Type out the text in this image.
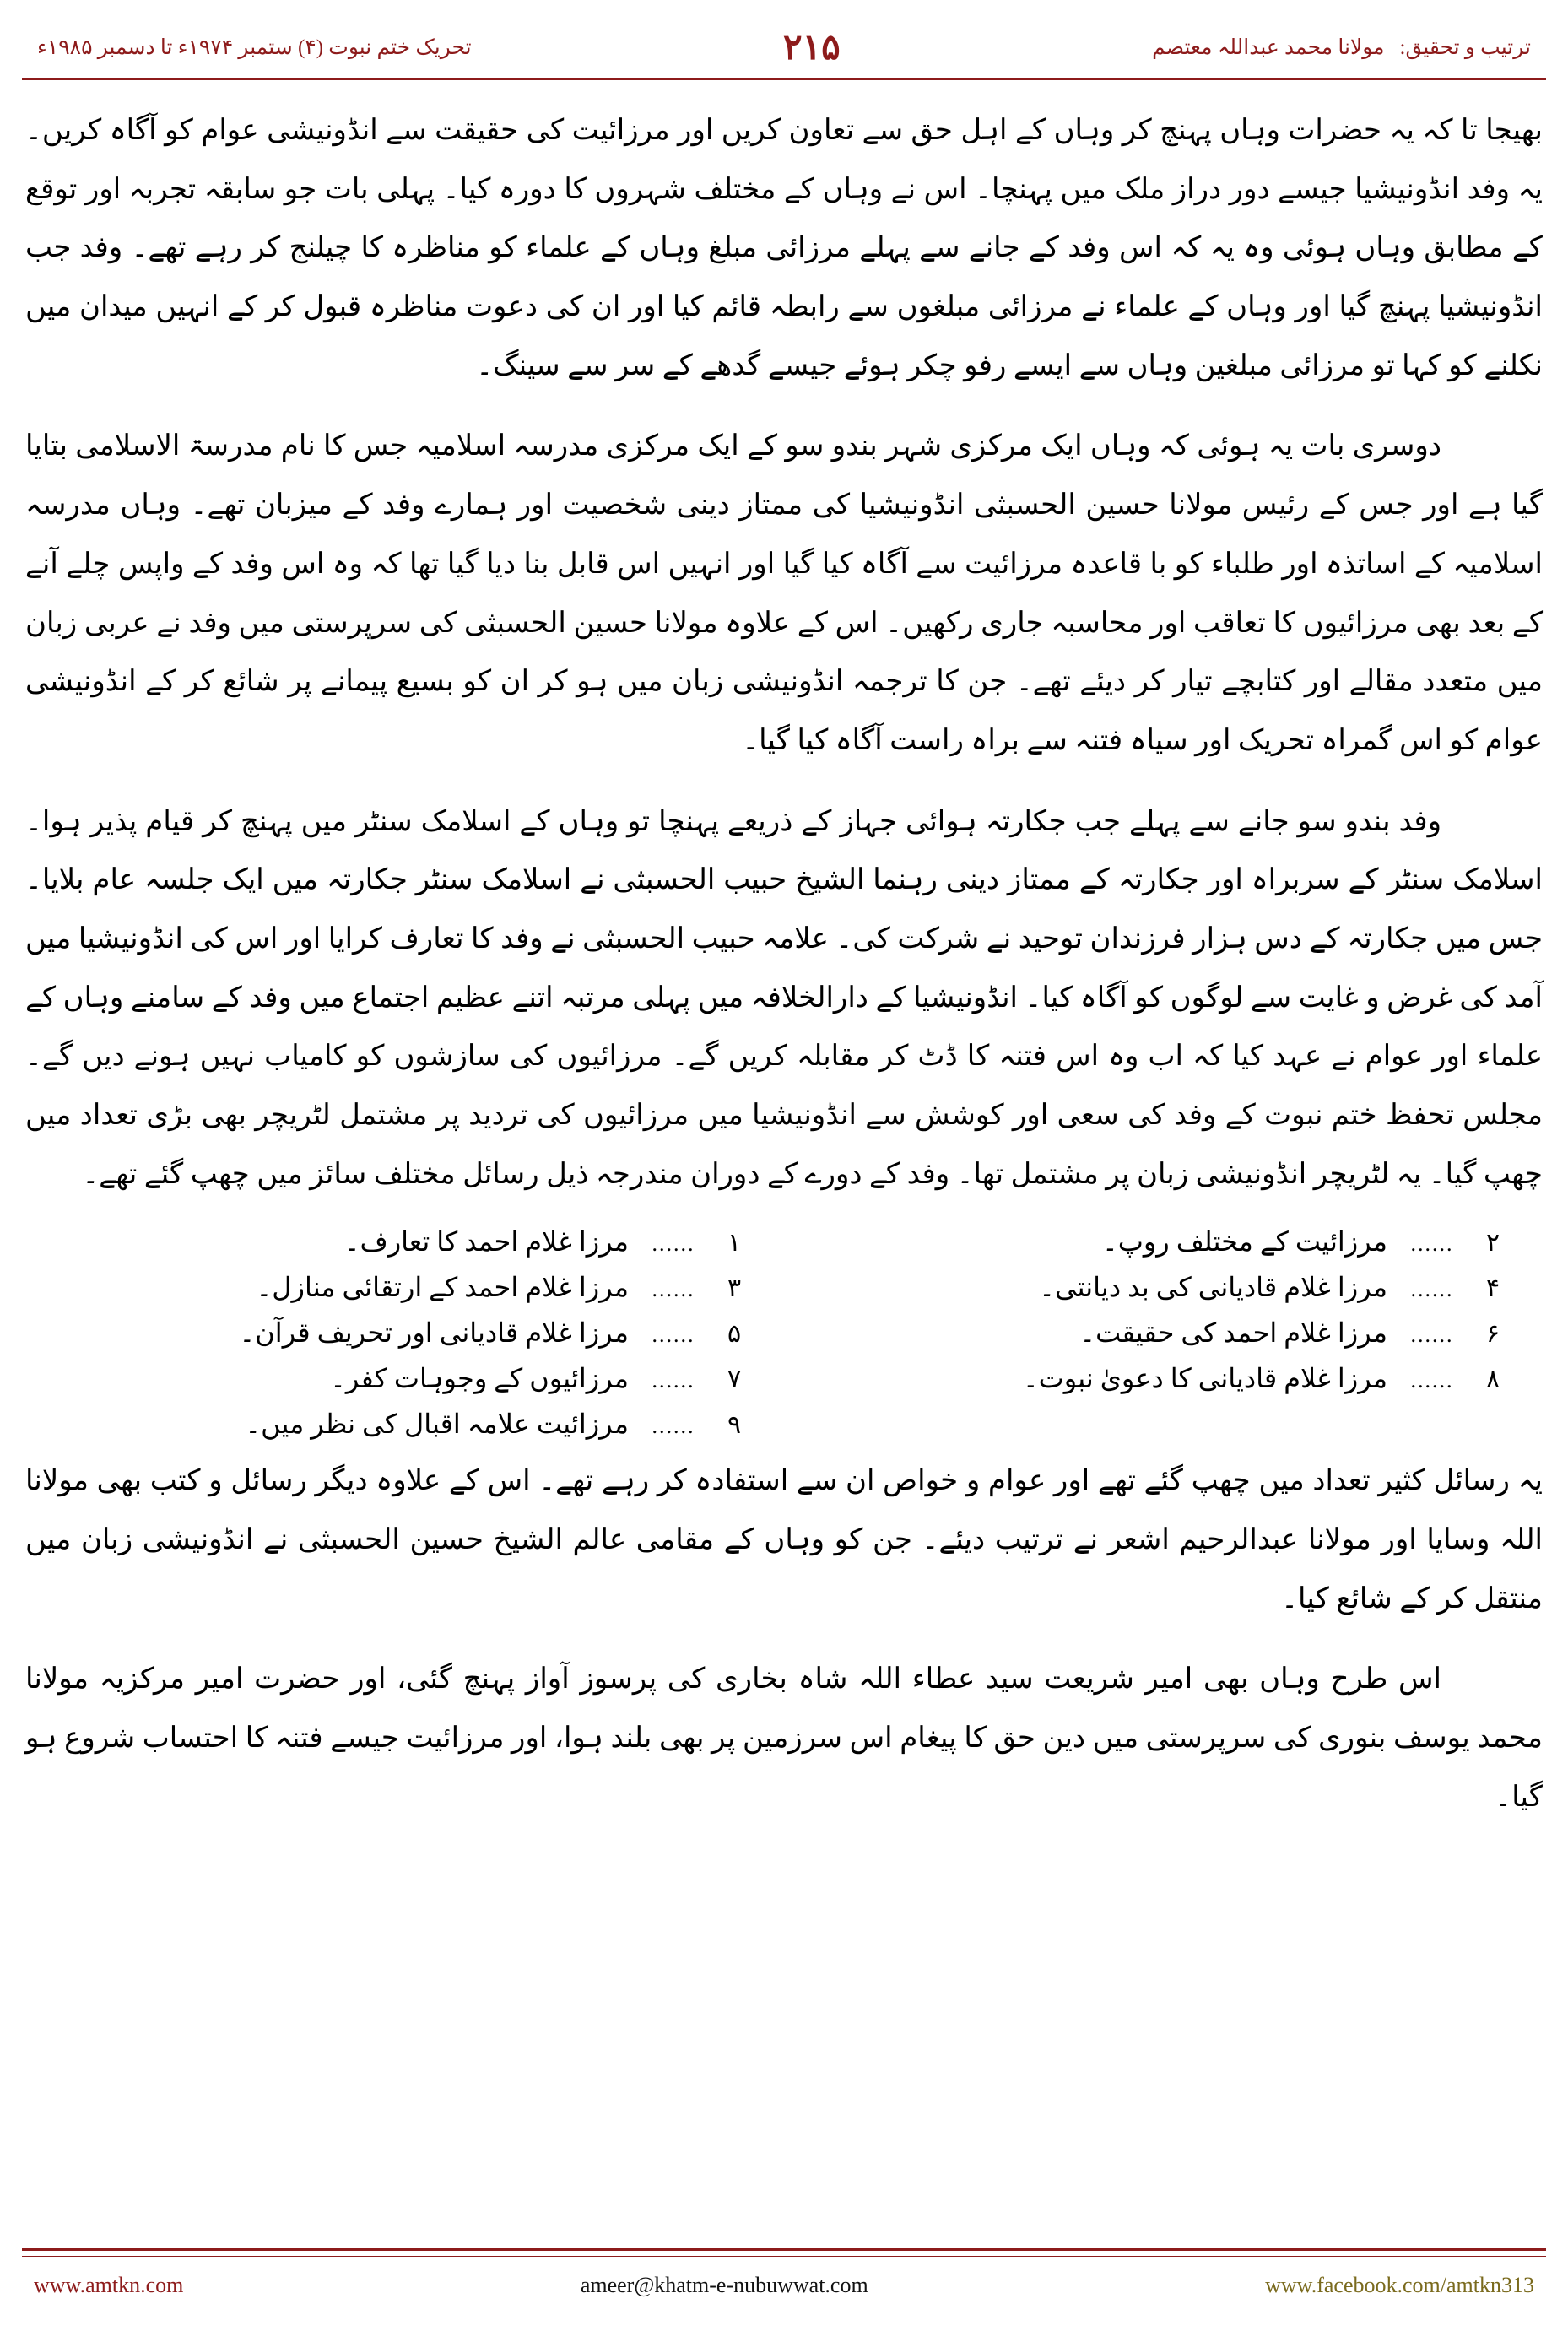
ترتیب و تحقیق:
مولانا محمد عبداللہ معتصم
۲۱۵
تحریک ختم نبوت (۴) ستمبر ۱۹۷۴ء تا دسمبر ۱۹۸۵ء

بھیجا تا کہ یہ حضرات وہاں پہنچ کر وہاں کے اہل حق سے تعاون کریں اور مرزائیت کی حقیقت سے انڈونیشی عوام کو آگاہ کریں۔ یہ وفد انڈونیشیا جیسے دور دراز ملک میں پہنچا۔ اس نے وہاں کے مختلف شہروں کا دورہ کیا۔ پہلی بات جو سابقہ تجربہ اور توقع کے مطابق وہاں ہوئی وہ یہ کہ اس وفد کے جانے سے پہلے مرزائی مبلغ وہاں کے علماء کو مناظرہ کا چیلنج کر رہے تھے۔ وفد جب انڈونیشیا پہنچ گیا اور وہاں کے علماء نے مرزائی مبلغوں سے رابطہ قائم کیا اور ان کی دعوت مناظرہ قبول کر کے انہیں میدان میں نکلنے کو کہا تو مرزائی مبلغین وہاں سے ایسے رفو چکر ہوئے جیسے گدھے کے سر سے سینگ۔

دوسری بات یہ ہوئی کہ وہاں ایک مرکزی شہر بندو سو کے ایک مرکزی مدرسہ اسلامیہ جس کا نام مدرسۃ الاسلامی بتایا گیا ہے اور جس کے رئیس مولانا حسین الحسبثی انڈونیشیا کی ممتاز دینی شخصیت اور ہمارے وفد کے میزبان تھے۔ وہاں مدرسہ اسلامیہ کے اساتذہ اور طلباء کو با قاعدہ مرزائیت سے آگاہ کیا گیا اور انہیں اس قابل بنا دیا گیا تھا کہ وہ اس وفد کے واپس چلے آنے کے بعد بھی مرزائیوں کا تعاقب اور محاسبہ جاری رکھیں۔ اس کے علاوہ مولانا حسین الحسبثی کی سرپرستی میں وفد نے عربی زبان میں متعدد مقالے اور کتابچے تیار کر دیئے تھے۔ جن کا ترجمہ انڈونیشی زبان میں ہو کر ان کو بسیع پیمانے پر شائع کر کے انڈونیشی عوام کو اس گمراہ تحریک اور سیاہ فتنہ سے براہ راست آگاہ کیا گیا۔

وفد بندو سو جانے سے پہلے جب جکارتہ ہوائی جہاز کے ذریعے پہنچا تو وہاں کے اسلامک سنٹر میں پہنچ کر قیام پذیر ہوا۔ اسلامک سنٹر کے سربراہ اور جکارتہ کے ممتاز دینی رہنما الشیخ حبیب الحسبثی نے اسلامک سنٹر جکارتہ میں ایک جلسہ عام بلایا۔ جس میں جکارتہ کے دس ہزار فرزندان توحید نے شرکت کی۔ علامہ حبیب الحسبثی نے وفد کا تعارف کرایا اور اس کی انڈونیشیا میں آمد کی غرض و غایت سے لوگوں کو آگاہ کیا۔ انڈونیشیا کے دارالخلافہ میں پہلی مرتبہ اتنے عظیم اجتماع میں وفد کے سامنے وہاں کے علماء اور عوام نے عہد کیا کہ اب وہ اس فتنہ کا ڈٹ کر مقابلہ کریں گے۔ مرزائیوں کی سازشوں کو کامیاب نہیں ہونے دیں گے۔ مجلس تحفظ ختم نبوت کے وفد کی سعی اور کوشش سے انڈونیشیا میں مرزائیوں کی تردید پر مشتمل لٹریچر بھی بڑی تعداد میں چھپ گیا۔ یہ لٹریچر انڈونیشی زبان پر مشتمل تھا۔ وفد کے دورے کے دوران مندرجہ ذیل رسائل مختلف سائز میں چھپ گئے تھے۔

۲
......
مرزائیت کے مختلف روپ۔
۱
......
مرزا غلام احمد کا تعارف۔
۴
......
مرزا غلام قادیانی کی بد دیانتی۔
۳
......
مرزا غلام احمد کے ارتقائی منازل۔
۶
......
مرزا غلام احمد کی حقیقت۔
۵
......
مرزا غلام قادیانی اور تحریف قرآن۔
۸
......
مرزا غلام قادیانی کا دعویٰ نبوت۔
۷
......
مرزائیوں کے وجوہات کفر۔
۹
......
مرزائیت علامہ اقبال کی نظر میں۔

یہ رسائل کثیر تعداد میں چھپ گئے تھے اور عوام و خواص ان سے استفادہ کر رہے تھے۔ اس کے علاوہ دیگر رسائل و کتب بھی مولانا اللہ وسایا اور مولانا عبدالرحیم اشعر نے ترتیب دیئے۔ جن کو وہاں کے مقامی عالم الشیخ حسین الحسبثی نے انڈونیشی زبان میں منتقل کر کے شائع کیا۔

اس طرح وہاں بھی امیر شریعت سید عطاء اللہ شاہ بخاری کی پرسوز آواز پہنچ گئی، اور حضرت امیر مرکزیہ مولانا محمد یوسف بنوری کی سرپرستی میں دین حق کا پیغام اس سرزمین پر بھی بلند ہوا، اور مرزائیت جیسے فتنہ کا احتساب شروع ہو گیا۔

www.amtkn.com	ameer@khatm-e-nubuwwat.com	www.facebook.com/amtkn313
